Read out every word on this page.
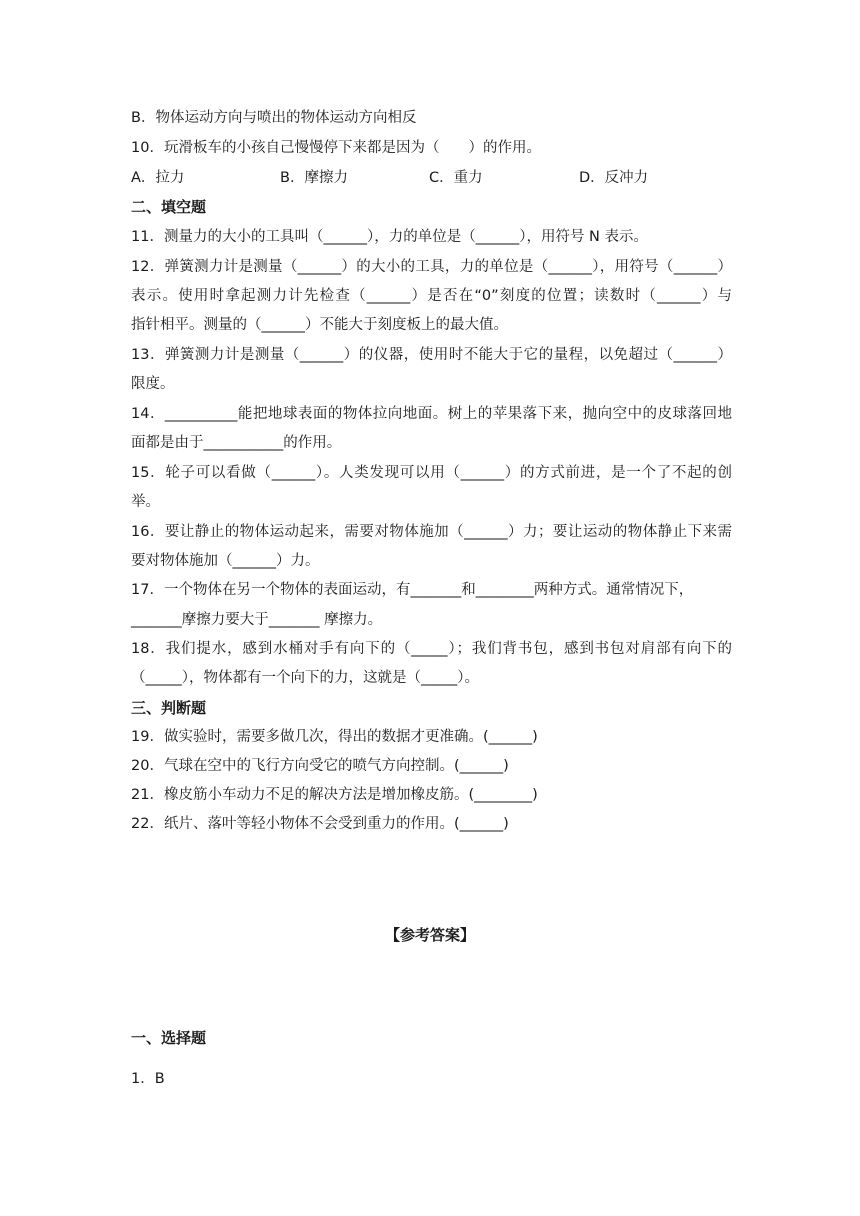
B．物体运动方向与喷出的物体运动方向相反
10．玩滑板车的小孩自己慢慢停下来都是因为（　　）的作用。
A．拉力	B．摩擦力	C．重力	D．反冲力
二、填空题
11．测量力的大小的工具叫（______），力的单位是（______），用符号 N 表示。
12．弹簧测力计是测量（______）的大小的工具，力的单位是（______），用符号（______）
表示。使用时拿起测力计先检查（______）是否在“0”刻度的位置；读数时（______）与
指针相平。测量的（______）不能大于刻度板上的最大值。
13．弹簧测力计是测量（______）的仪器，使用时不能大于它的量程，以免超过（______）
限度。
14．__________能把地球表面的物体拉向地面。树上的苹果落下来，抛向空中的皮球落回地
面都是由于___________的作用。
15．轮子可以看做（______）。人类发现可以用（______）的方式前进，是一个了不起的创
举。
16．要让静止的物体运动起来，需要对物体施加（______）力；要让运动的物体静止下来需
要对物体施加（______）力。
17．一个物体在另一个物体的表面运动，有_______和________两种方式。通常情况下，
_______摩擦力要大于_______ 摩擦力。
18．我们提水，感到水桶对手有向下的（_____）；我们背书包，感到书包对肩部有向下的
（_____），物体都有一个向下的力，这就是（_____）。
三、判断题
19．做实验时，需要多做几次，得出的数据才更准确。(______)
20．气球在空中的飞行方向受它的喷气方向控制。(______)
21．橡皮筋小车动力不足的解决方法是增加橡皮筋。(________)
22．纸片、落叶等轻小物体不会受到重力的作用。(______)
【参考答案】
一、选择题
1．B
